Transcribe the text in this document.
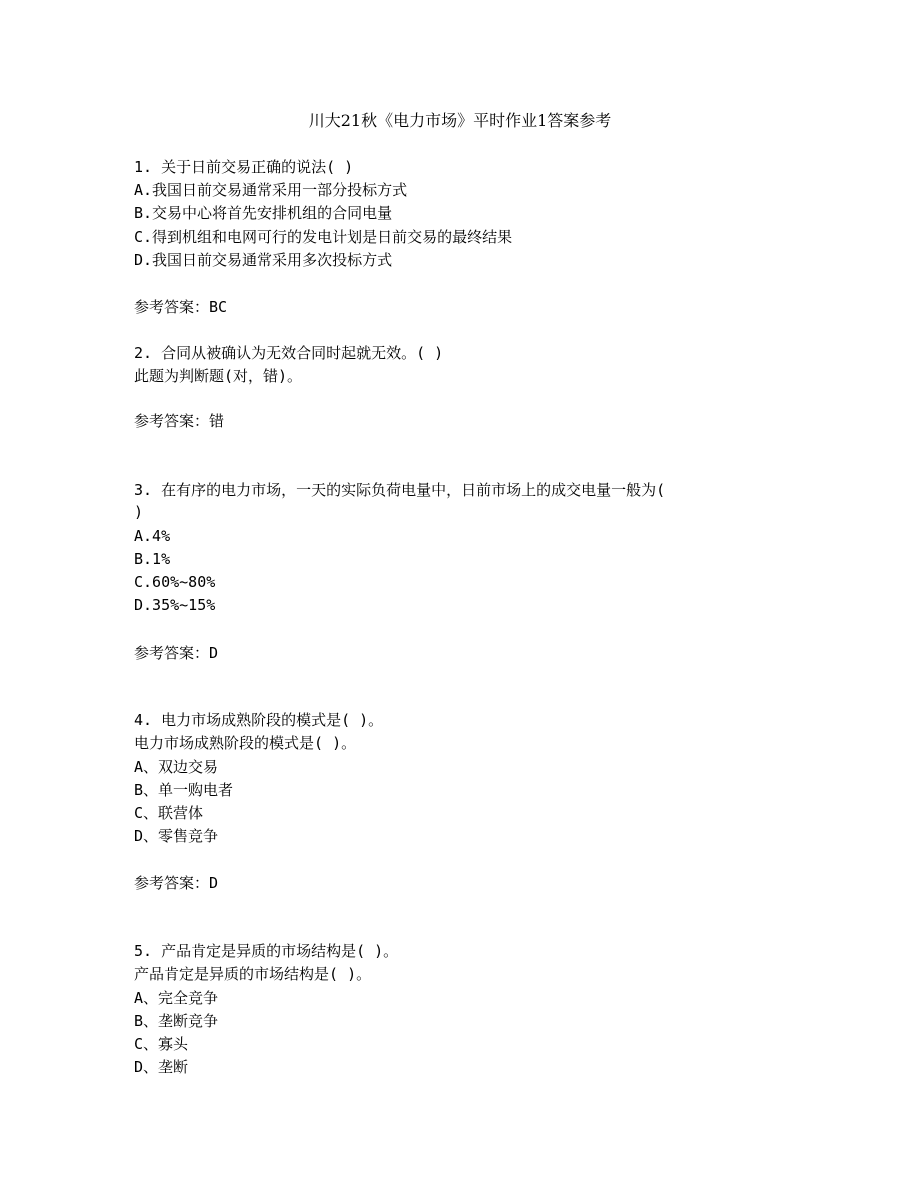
川大21秋《电力市场》平时作业1答案参考

1. 关于日前交易正确的说法( )

A.我国日前交易通常采用一部分投标方式

B.交易中心将首先安排机组的合同电量

C.得到机组和电网可行的发电计划是日前交易的最终结果

D.我国日前交易通常采用多次投标方式

参考答案：BC

2. 合同从被确认为无效合同时起就无效。( )

此题为判断题(对，错)。

参考答案：错

3. 在有序的电力市场，一天的实际负荷电量中，日前市场上的成交电量一般为(

)

A.4%

B.1%

C.60%~80%

D.35%~15%

参考答案：D

4. 电力市场成熟阶段的模式是( )。

电力市场成熟阶段的模式是( )。

A、双边交易

B、单一购电者

C、联营体

D、零售竞争

参考答案：D

5. 产品肯定是异质的市场结构是( )。

产品肯定是异质的市场结构是( )。

A、完全竞争

B、垄断竞争

C、寡头

D、垄断
